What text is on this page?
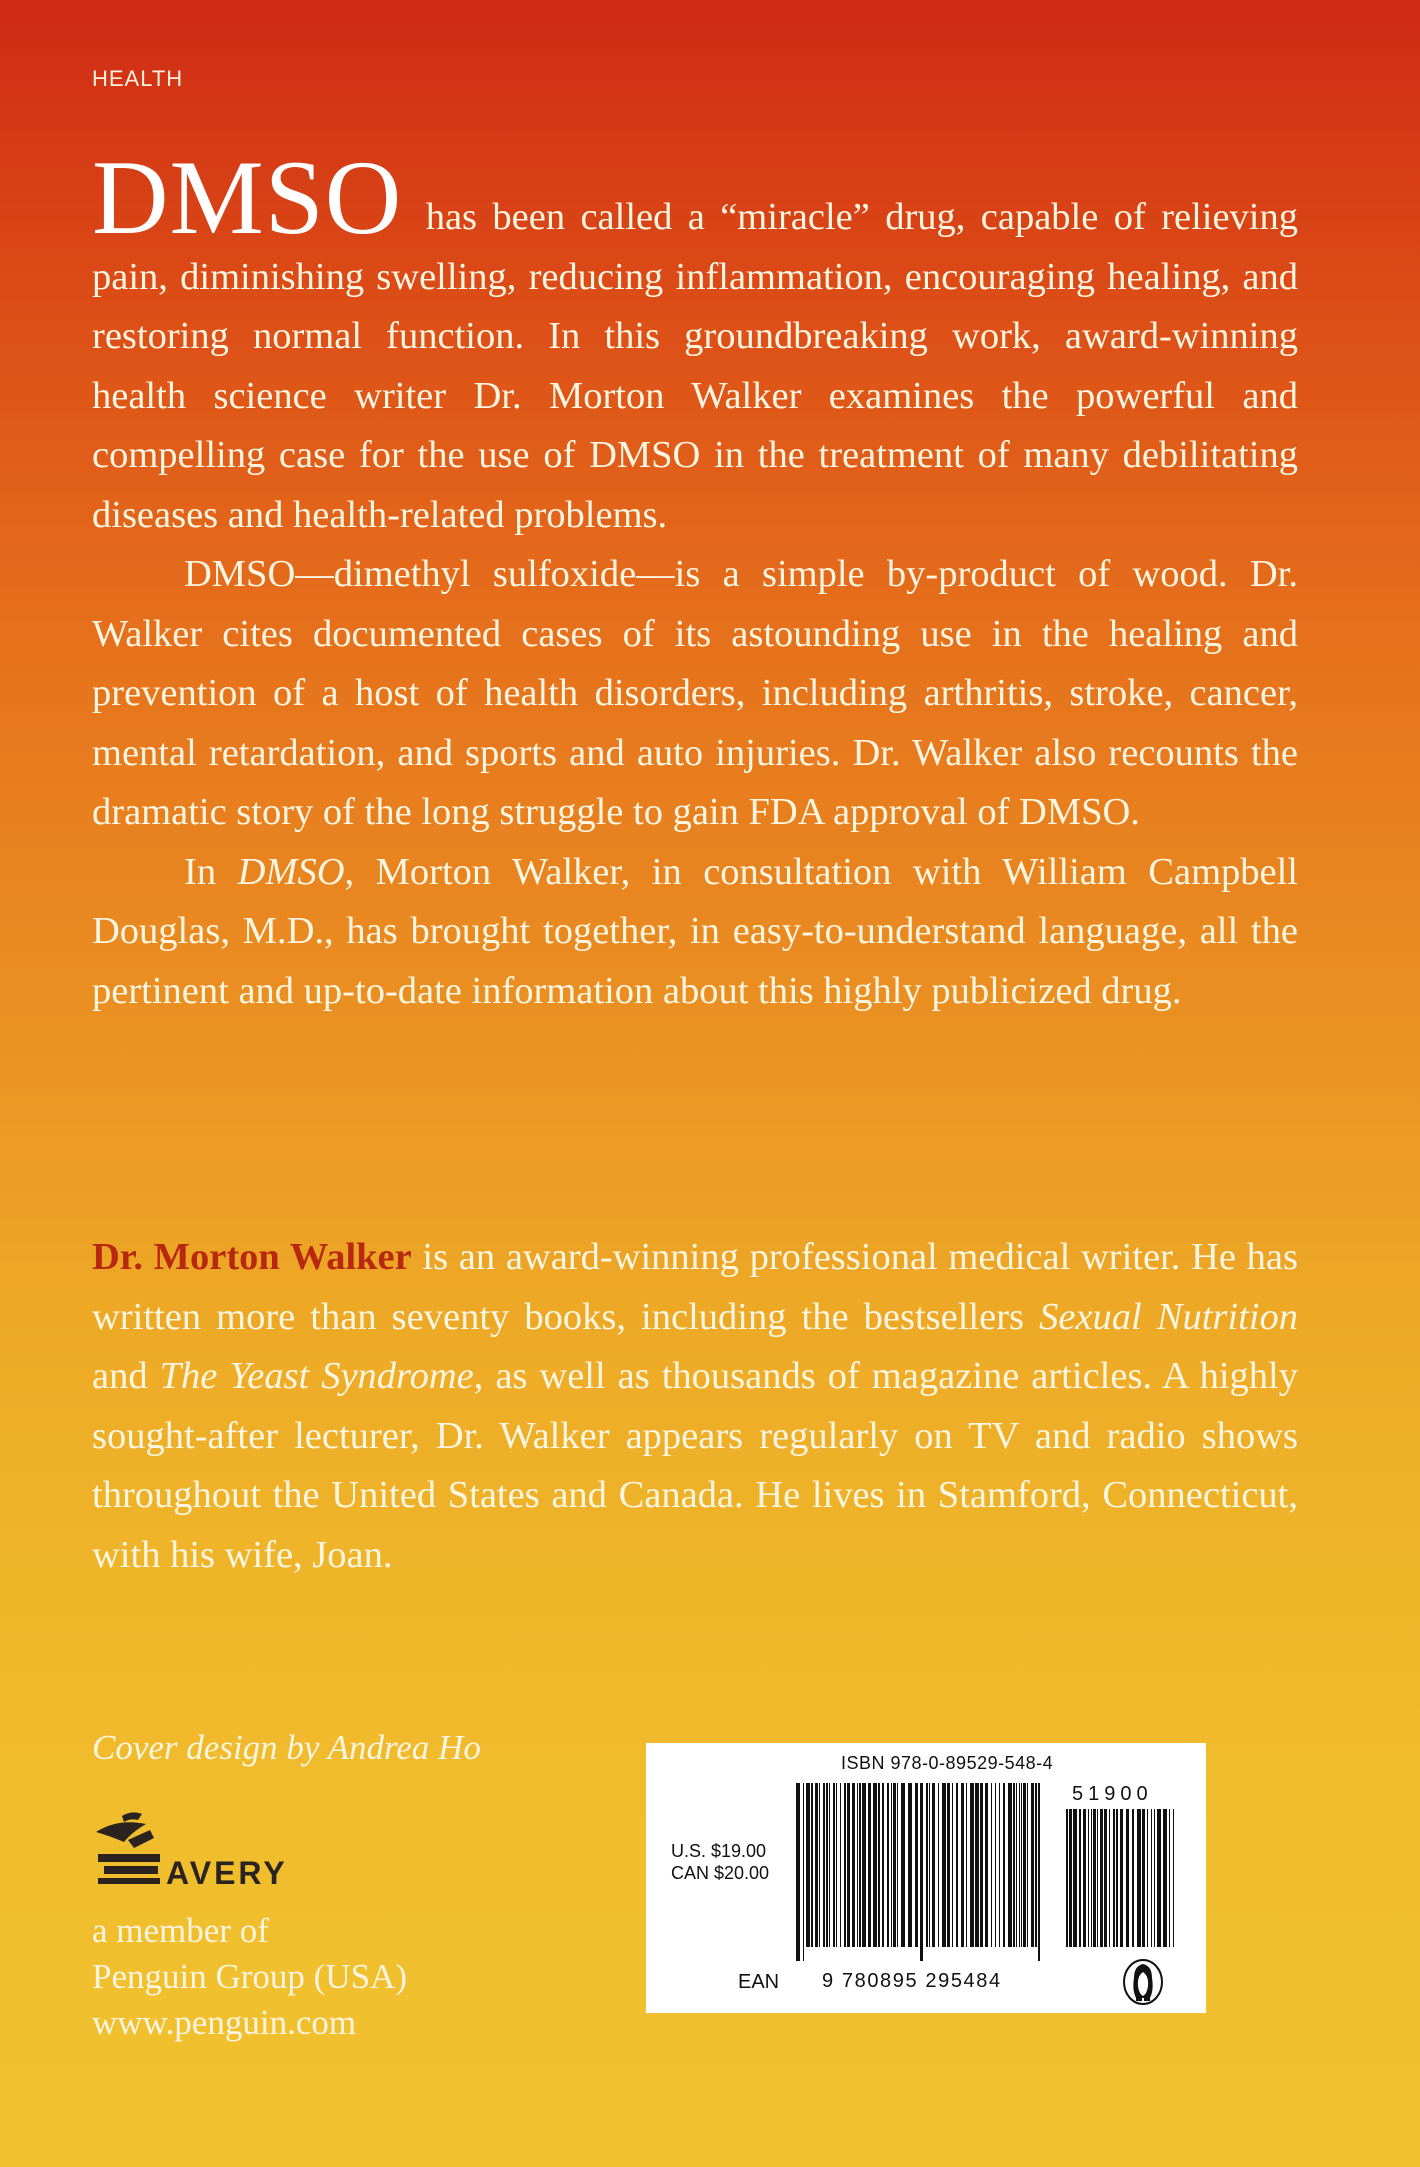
HEALTH

DMSO has been called a “miracle” drug, capable of relieving pain, diminishing swelling, reducing inflammation, encouraging healing, and restoring normal function. In this groundbreaking work, award-winning health science writer Dr. Morton Walker examines the powerful and compelling case for the use of DMSO in the treatment of many debilitating diseases and health-related problems.

DMSO—dimethyl sulfoxide—is a simple by-product of wood. Dr. Walker cites documented cases of its astounding use in the healing and prevention of a host of health disorders, including arthritis, stroke, cancer, mental retardation, and sports and auto injuries. Dr. Walker also recounts the dramatic story of the long struggle to gain FDA approval of DMSO.

In DMSO, Morton Walker, in consultation with William Campbell Douglas, M.D., has brought together, in easy-to-understand language, all the pertinent and up-to-date information about this highly publicized drug.

Dr. Morton Walker is an award-winning professional medical writer. He has written more than seventy books, including the bestsellers Sexual Nutrition and The Yeast Syndrome, as well as thousands of magazine articles. A highly sought-after lecturer, Dr. Walker appears regularly on TV and radio shows throughout the United States and Canada. He lives in Stamford, Connecticut, with his wife, Joan.

Cover design by Andrea Ho
AVERY
a member of
Penguin Group (USA)
www.penguin.com
ISBN 978-0-89529-548-4
U.S. $19.00
CAN $20.00
EAN 9 780895 295484
51900
